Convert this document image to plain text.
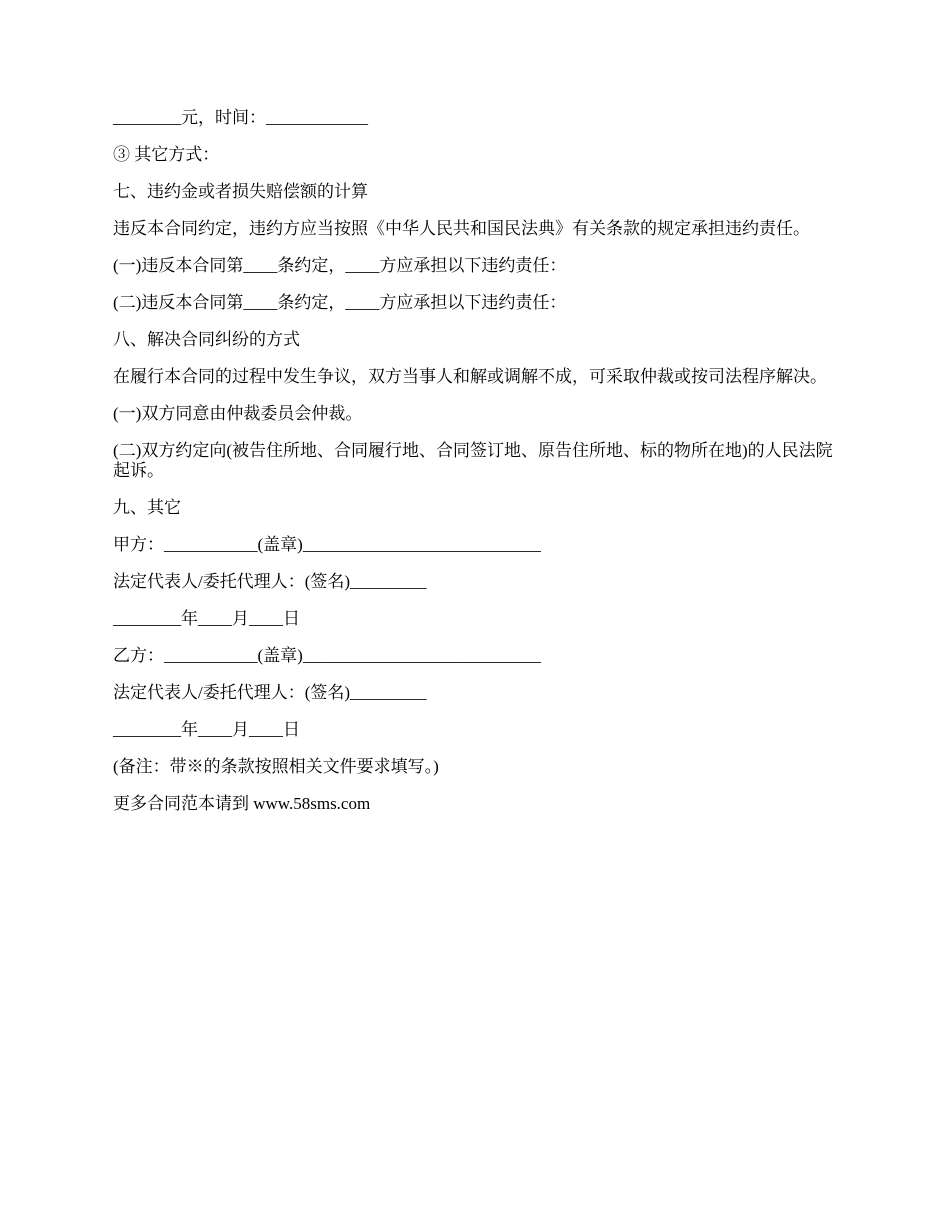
________元，时间：____________

③ 其它方式：

七、违约金或者损失赔偿额的计算

违反本合同约定，违约方应当按照《中华人民共和国民法典》有关条款的规定承担违约责任。

(一)违反本合同第____条约定，____方应承担以下违约责任：

(二)违反本合同第____条约定，____方应承担以下违约责任：

八、解决合同纠纷的方式

在履行本合同的过程中发生争议，双方当事人和解或调解不成，可采取仲裁或按司法程序解决。

(一)双方同意由仲裁委员会仲裁。

(二)双方约定向(被告住所地、合同履行地、合同签订地、原告住所地、标的物所在地)的人民法院起诉。

九、其它

甲方：___________(盖章)____________________________

法定代表人/委托代理人：(签名)_________

________年____月____日

乙方：___________(盖章)____________________________

法定代表人/委托代理人：(签名)_________

________年____月____日

(备注：带※的条款按照相关文件要求填写。)

更多合同范本请到 www.58sms.com
